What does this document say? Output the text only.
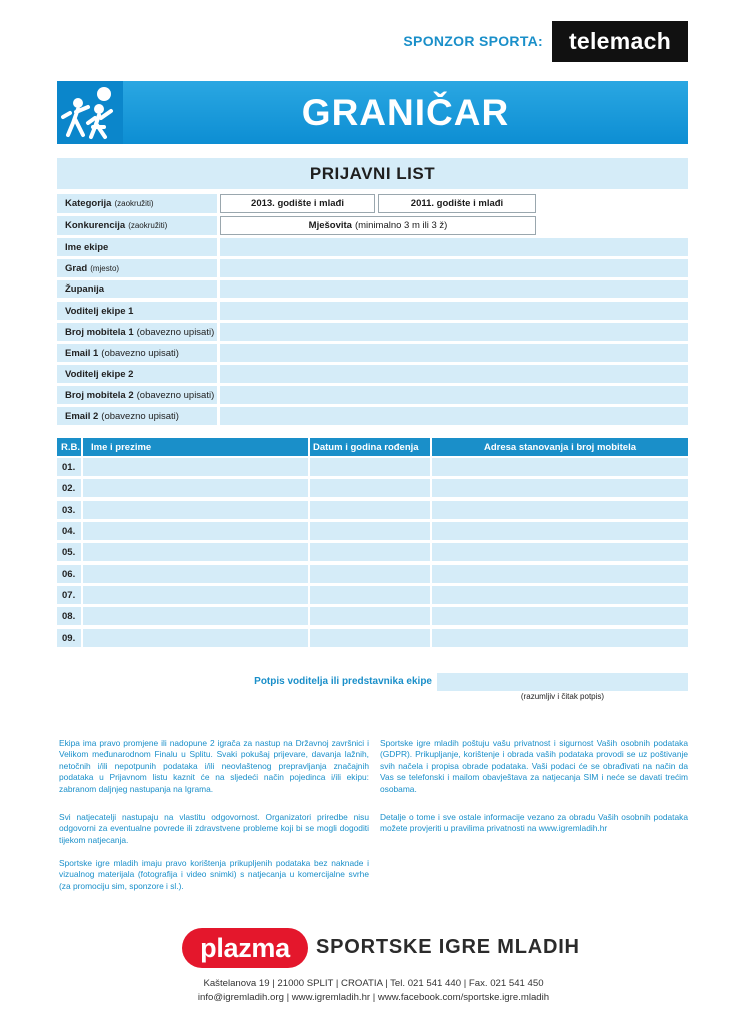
SPONZOR SPORTA:	telemach
GRANIČAR
PRIJAVNI LIST
Kategorija (zaokružiti)	2013. godište i mlađi	2011. godište i mlađi
Konkurencija (zaokružiti)	Mješovita (minimalno 3 m ili 3 ž)
Ime ekipe
Grad (mjesto)
Županija
Voditelj ekipe 1
Broj mobitela 1 (obavezno upisati)
Email 1 (obavezno upisati)
Voditelj ekipe 2
Broj mobitela 2 (obavezno upisati)
Email 2 (obavezno upisati)
R.B.	Ime i prezime	Datum i godina rođenja	Adresa stanovanja i broj mobitela
01.
02.
03.
04.
05.
06.
07.
08.
09.
Potpis voditelja ili predstavnika ekipe
(razumljiv i čitak potpis)
Ekipa ima pravo promjene ili nadopune 2 igrača za nastup na Državnoj završnici i Velikom međunarodnom Finalu u Splitu. Svaki pokušaj prijevare, davanja lažnih, netočnih i/ili nepotpunih podataka i/ili neovlaštenog prepravljanja značajnih podataka u Prijavnom listu kaznit će na sljedeći način pojedinca i/ili ekipu: zabranom daljnjeg nastupanja na Igrama.
Svi natjecatelji nastupaju na vlastitu odgovornost. Organizatori priredbe nisu odgovorni za eventualne povrede ili zdravstvene probleme koji bi se mogli dogoditi tijekom natjecanja.
Sportske igre mladih imaju pravo korištenja prikupljenih podataka bez naknade i vizualnog materijala (fotografija i video snimki) s natjecanja u komercijalne svrhe (za promociju sim, sponzore i sl.).
Sportske igre mladih poštuju vašu privatnost i sigurnost Vaših osobnih podataka (GDPR). Prikupljanje, korištenje i obrada vaših podataka provodi se uz poštivanje svih načela i propisa obrade podataka. Vaši podaci će se obrađivati na način da Vas se telefonski i mailom obavještava za natjecanja SIM i neće se davati trećim osobama.
Detalje o tome i sve ostale informacije vezano za obradu Vaših osobnih podataka možete provjeriti u pravilima privatnosti na www.igremladih.hr
plazma	SPORTSKE IGRE MLADIH
Kaštelanova 19 | 21000 SPLIT | CROATIA | Tel. 021 541 440 | Fax. 021 541 450
info@igremladih.org | www.igremladih.hr | www.facebook.com/sportske.igre.mladih
